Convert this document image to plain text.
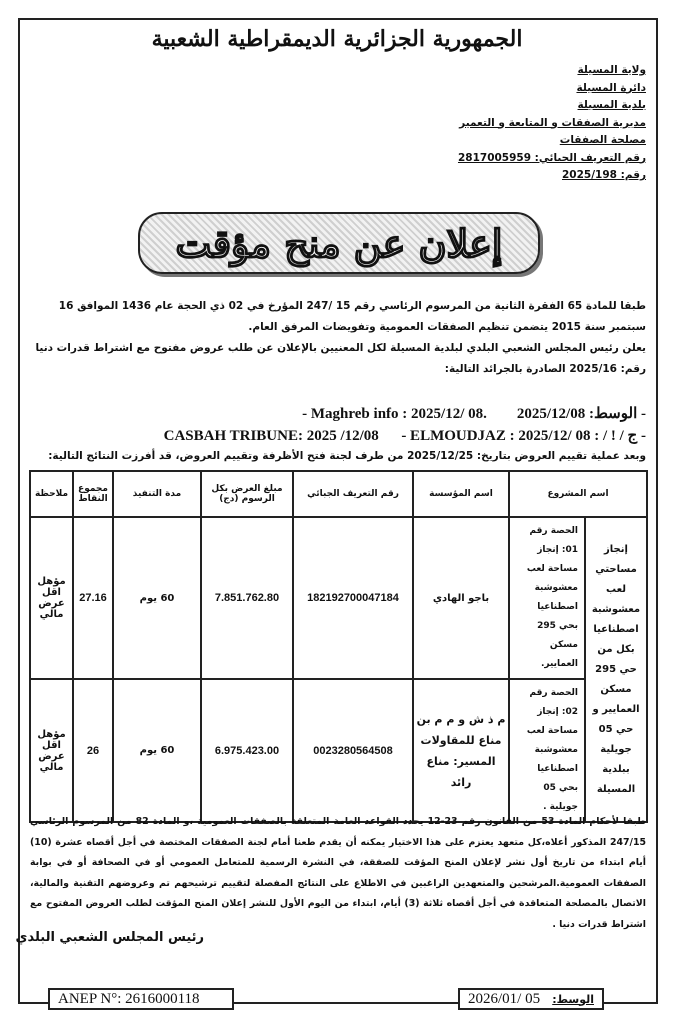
الجمهورية الجزائرية الديمقراطية الشعبية
ولاية المسيلة
دائرة المسيلة
بلدية المسيلة
مديرية الصفقات و المتابعة و التعمير
مصلحة الصفقات
رقم التعريف الجبائي: 2817005959
رقم: 2025/198
إعلان عن منح مؤقت
طبقا للمادة 65 الفقرة الثانية من المرسوم الرئاسي رقم 15 /247 المؤرخ في 02 ذي الحجة عام 1436 الموافق 16 سبتمبر سنة 2015 يتضمن تنظيم الصفقات العمومية وتفويضات المرفق العام.
يعلن رئيس المجلس الشعبي البلدي لبلدية المسيلة لكل المعنيين بالإعلان عن طلب عروض مفتوح مع اشتراط قدرات دنيا رقم: 2025/16 الصادرة بالجرائد التالية:
- الوسط: 2025/12/08        - Maghreb info : 2025/12/ 08.
- ج / ! / : CASBAH TRIBUNE: 2025 /12/08      - ELMOUDJAZ : 2025/12/ 08
وبعد عملية تقييم العروض بتاريخ: 2025/12/25 من طرف لجنة فتح الأظرفة وتقييم العروض، قد أفرزت النتائج التالية:
اسم المشروع		اسم المؤسسة	رقم التعريف الجبائي	مبلغ العرض بكل الرسوم (دج)	مدة التنفيذ	مجموع النقاط	ملاحظة
إنجاز مساحتي لعب معشوشبة اصطناعيا بكل من حي 295 مسكن العمايير و حي 05 جويلية ببلدية المسيلة	الحصة رقم 01: إنجاز مساحة لعب معشوشبة اصطناعيا بحي 295 مسكن العمايير.	باجو الهادي	182192700047184	7.851.762.80	60 يوم	27.16	مؤهل اقل عرض مالي
	الحصة رقم 02: إنجاز مساحة لعب معشوشبة اصطناعيا بحي 05 جويلية .	م ذ ش و م م بن مناع للمقاولات المسير: مناع رائد	0023280564508	6.975.423.00	60 يوم	26	مؤهل اقل عرض مالي
طبقا لأحكام المادة 53 من القانون رقم 23-12 يحدد القواعد العامة المتعلقة بالصفقات العمومية ،و المادة 82 من المرسوم الرئاسي 247/15 المذكور أعلاه،كل متعهد يعتزم على هذا الاختيار يمكنه أن يقدم طعنا أمام لجنة الصفقات المختصة في أجل أقصاه عشرة (10) أيام ابتداء من تاريخ أول نشر لإعلان المنح المؤقت للصفقة، في النشرة الرسمية للمتعامل العمومي أو في الصحافة أو في بوابة الصفقات العمومية.المرشحين والمتعهدين الراغبين في الاطلاع على النتائج المفصلة لتقييم ترشيحهم تم وعروضهم التقنية والمالية، الاتصال بالمصلحة المتعاقدة في أجل أقصاه ثلاثة (3) أيام، ابتداء من اليوم الأول للنشر إعلان المنح المؤقت لطلب العروض المفتوح مع اشتراط قدرات دنيا .
رئيس المجلس الشعبي البلدي
ANEP N°: 2616000118	الوسط:
2026/01/ 05
